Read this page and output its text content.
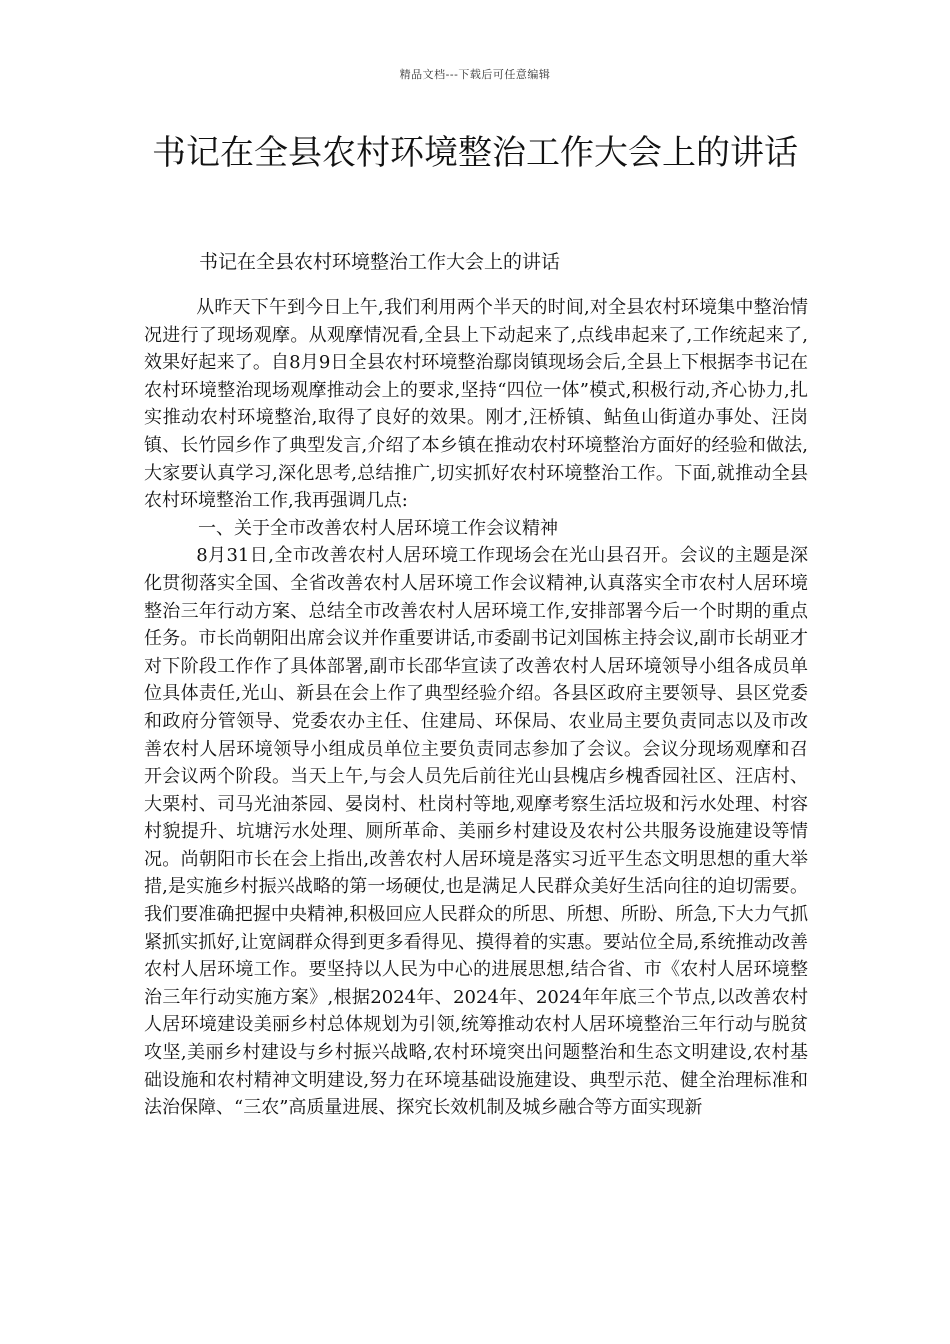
精品文档---下载后可任意编辑
书记在全县农村环境整治工作大会上的讲话
书记在全县农村环境整治工作大会上的讲话

从昨天下午到今日上午,我们利用两个半天的时间,对全县农村环境集中整治情况进行了现场观摩。从观摩情况看,全县上下动起来了,点线串起来了,工作统起来了,效果好起来了。自8月9日全县农村环境整治鄢岗镇现场会后,全县上下根据李书记在农村环境整治现场观摩推动会上的要求,坚持“四位一体”模式,积极行动,齐心协力,扎实推动农村环境整治,取得了良好的效果。刚才,汪桥镇、鲇鱼山街道办事处、汪岗镇、长竹园乡作了典型发言,介绍了本乡镇在推动农村环境整治方面好的经验和做法,大家要认真学习,深化思考,总结推广,切实抓好农村环境整治工作。下面,就推动全县农村环境整治工作,我再强调几点:

一、关于全市改善农村人居环境工作会议精神

8月31日,全市改善农村人居环境工作现场会在光山县召开。会议的主题是深化贯彻落实全国、全省改善农村人居环境工作会议精神,认真落实全市农村人居环境整治三年行动方案、总结全市改善农村人居环境工作,安排部署今后一个时期的重点任务。市长尚朝阳出席会议并作重要讲话,市委副书记刘国栋主持会议,副市长胡亚才对下阶段工作作了具体部署,副市长邵华宣读了改善农村人居环境领导小组各成员单位具体责任,光山、新县在会上作了典型经验介绍。各县区政府主要领导、县区党委和政府分管领导、党委农办主任、住建局、环保局、农业局主要负责同志以及市改善农村人居环境领导小组成员单位主要负责同志参加了会议。会议分现场观摩和召开会议两个阶段。当天上午,与会人员先后前往光山县槐店乡槐香园社区、汪店村、大栗村、司马光油茶园、晏岗村、杜岗村等地,观摩考察生活垃圾和污水处理、村容村貌提升、坑塘污水处理、厕所革命、美丽乡村建设及农村公共服务设施建设等情况。尚朝阳市长在会上指出,改善农村人居环境是落实习近平生态文明思想的重大举措,是实施乡村振兴战略的第一场硬仗,也是满足人民群众美好生活向往的迫切需要。我们要准确把握中央精神,积极回应人民群众的所思、所想、所盼、所急,下大力气抓紧抓实抓好,让宽阔群众得到更多看得见、摸得着的实惠。要站位全局,系统推动改善农村人居环境工作。要坚持以人民为中心的进展思想,结合省、市《农村人居环境整治三年行动实施方案》,根据2024年、2024年、2024年年底三个节点,以改善农村人居环境建设美丽乡村总体规划为引领,统筹推动农村人居环境整治三年行动与脱贫攻坚,美丽乡村建设与乡村振兴战略,农村环境突出问题整治和生态文明建设,农村基础设施和农村精神文明建设,努力在环境基础设施建设、典型示范、健全治理标准和法治保障、“三农”高质量进展、探究长效机制及城乡融合等方面实现新
